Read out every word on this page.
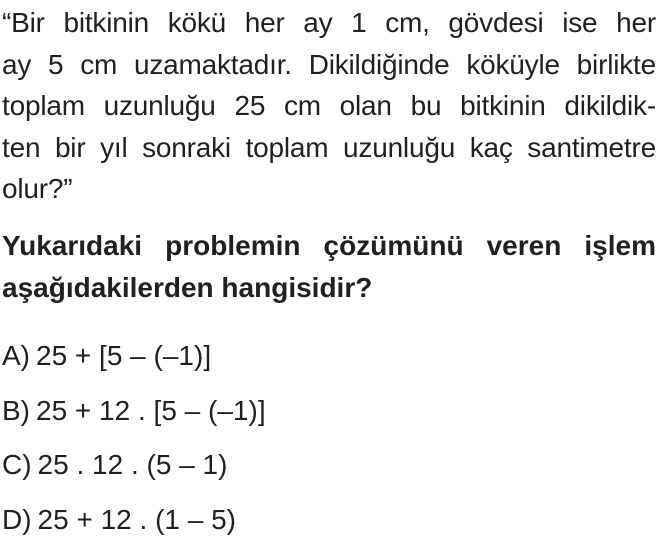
“Bir bitkinin kökü her ay 1 cm, gövdesi ise her
ay 5 cm uzamaktadır. Dikildiğinde köküyle birlikte
toplam uzunluğu 25 cm olan bu bitkinin dikildik-
ten bir yıl sonraki toplam uzunluğu kaç santimetre
olur?”
Yukarıdaki problemin çözümünü veren işlem
aşağıdakilerden hangisidir?
A) 25 + [5 – (–1)]
B) 25 + 12 . [5 – (–1)]
C) 25 . 12 . (5 – 1)
D) 25 + 12 . (1 – 5)
